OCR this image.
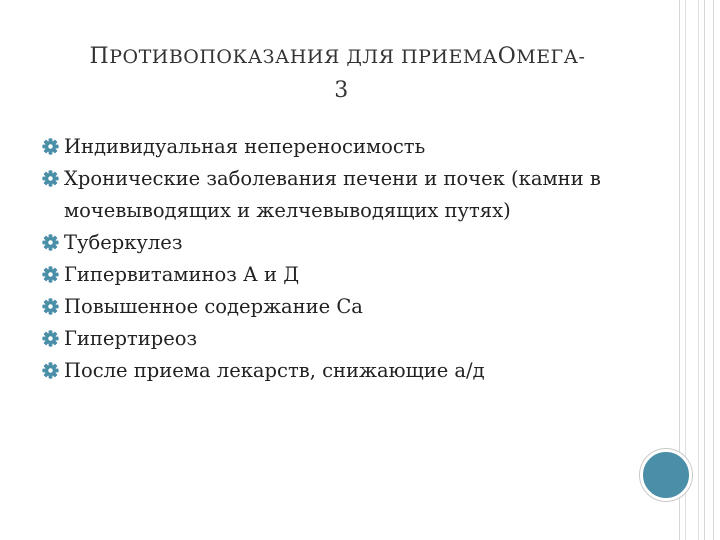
ПРОТИВОПОКАЗАНИЯ ДЛЯ ПРИЕМАОМЕГА-
3
Индивидуальная непереносимость
Хронические заболевания печени и почек (камни в мочевыводящих и желчевыводящих путях)
Туберкулез
Гипервитаминоз А и Д
Повышенное содержание Са
Гипертиреоз
После приема лекарств, снижающие а/д
